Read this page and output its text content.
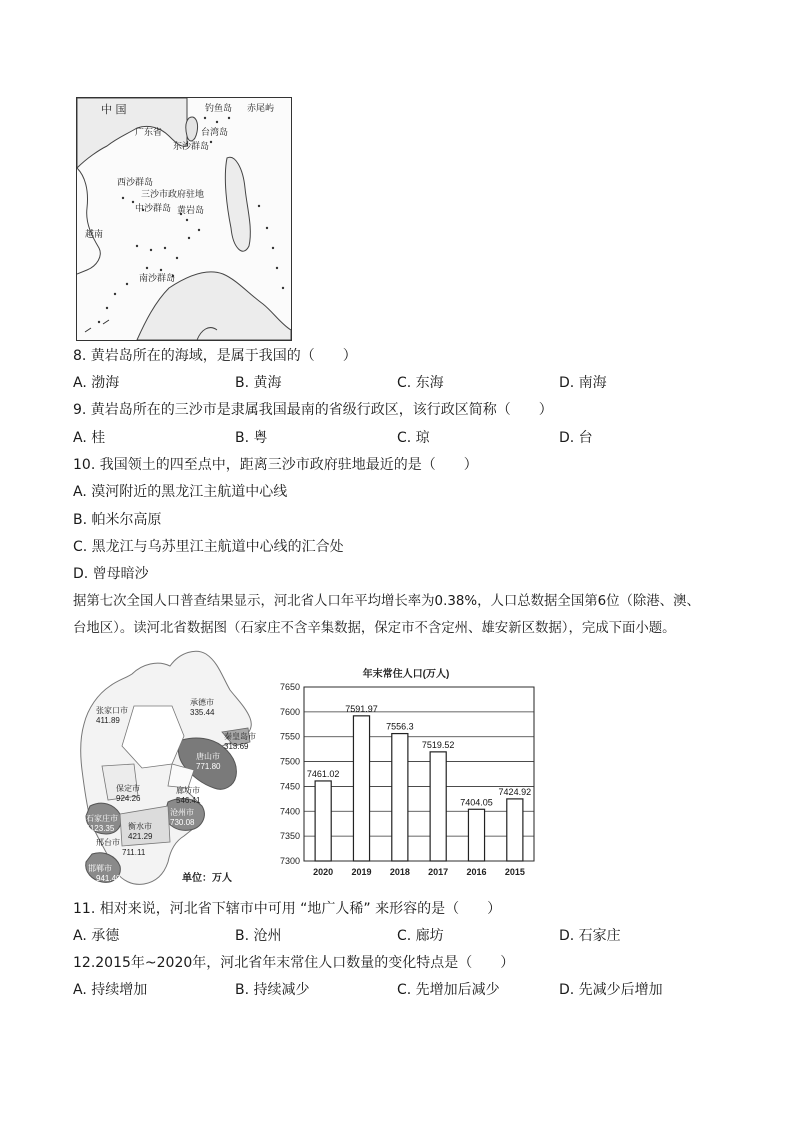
中 国	钓鱼岛 赤尾屿
广东省	台湾岛
东沙群岛
西沙群岛
三沙市政府驻地
中沙群岛 黄岩岛
越南
南沙群岛
8. 黄岩岛所在的海域，是属于我国的（　　）
A. 渤海	B. 黄海	C. 东海	D. 南海
9. 黄岩岛所在的三沙市是隶属我国最南的省级行政区，该行政区简称（　　）
A. 桂	B. 粤	C. 琼	D. 台
10. 我国领土的四至点中，距离三沙市政府驻地最近的是（　　）
A. 漠河附近的黑龙江主航道中心线
B. 帕米尔高原
C. 黑龙江与乌苏里江主航道中心线的汇合处
D. 曾母暗沙
据第七次全国人口普查结果显示，河北省人口年平均增长率为0.38%，人口总数据全国第6位（除港、澳、
台地区）。读河北省数据图（石家庄不含辛集数据，保定市不含定州、雄安新区数据），完成下面小题。
张家口市
411.89
承德市
335.44
秦皇岛市
313.69
唐山市
771.80
保定市
924.26
廊坊市
546.41
沧州市
730.08
石家庄市
1123.35 衡水市
421.29
邢台市
711.11
邯郸市
941.40	单位：万人
年末常住人口(万人)
7650
7600
7550
7500
7450
7400
7350
7300
7461.02
2020
7591.97
2019
7556.3
2018
7519.52
2017
7404.05
2016
7424.92
2015
11. 相对来说，河北省下辖市中可用 “地广人稀” 来形容的是（　　）
A. 承德	B. 沧州	C. 廊坊	D. 石家庄
12.2015年~2020年，河北省年末常住人口数量的变化特点是（　　）
A. 持续增加	B. 持续减少	C. 先增加后减少	D. 先减少后增加
